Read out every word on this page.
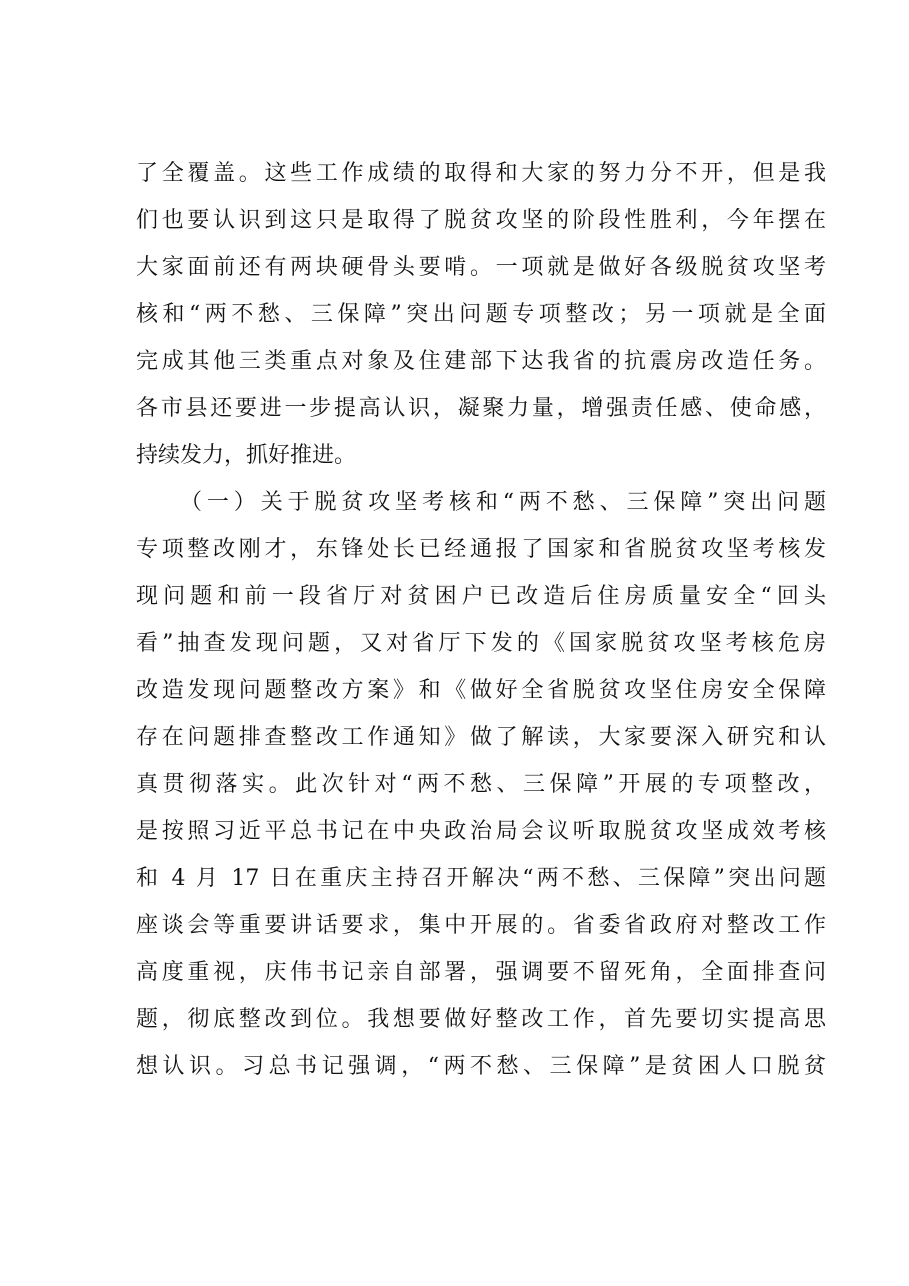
了全覆盖。这些工作成绩的取得和大家的努力分不开，但是我
们也要认识到这只是取得了脱贫攻坚的阶段性胜利，今年摆在
大家面前还有两块硬骨头要啃。一项就是做好各级脱贫攻坚考
核和“两不愁、三保障”突出问题专项整改；另一项就是全面
完成其他三类重点对象及住建部下达我省的抗震房改造任务。
各市县还要进一步提高认识，凝聚力量，增强责任感、使命感，
持续发力，抓好推进。
（一）关于脱贫攻坚考核和“两不愁、三保障”突出问题
专项整改刚才，东锋处长已经通报了国家和省脱贫攻坚考核发
现问题和前一段省厅对贫困户已改造后住房质量安全“回头
看”抽查发现问题，又对省厅下发的《国家脱贫攻坚考核危房
改造发现问题整改方案》和《做好全省脱贫攻坚住房安全保障
存在问题排查整改工作通知》做了解读，大家要深入研究和认
真贯彻落实。此次针对“两不愁、三保障”开展的专项整改，
是按照习近平总书记在中央政治局会议听取脱贫攻坚成效考核
和 4 月 17 日在重庆主持召开解决“两不愁、三保障”突出问题
座谈会等重要讲话要求，集中开展的。省委省政府对整改工作
高度重视，庆伟书记亲自部署，强调要不留死角，全面排查问
题，彻底整改到位。我想要做好整改工作，首先要切实提高思
想认识。习总书记强调，“两不愁、三保障”是贫困人口脱贫
